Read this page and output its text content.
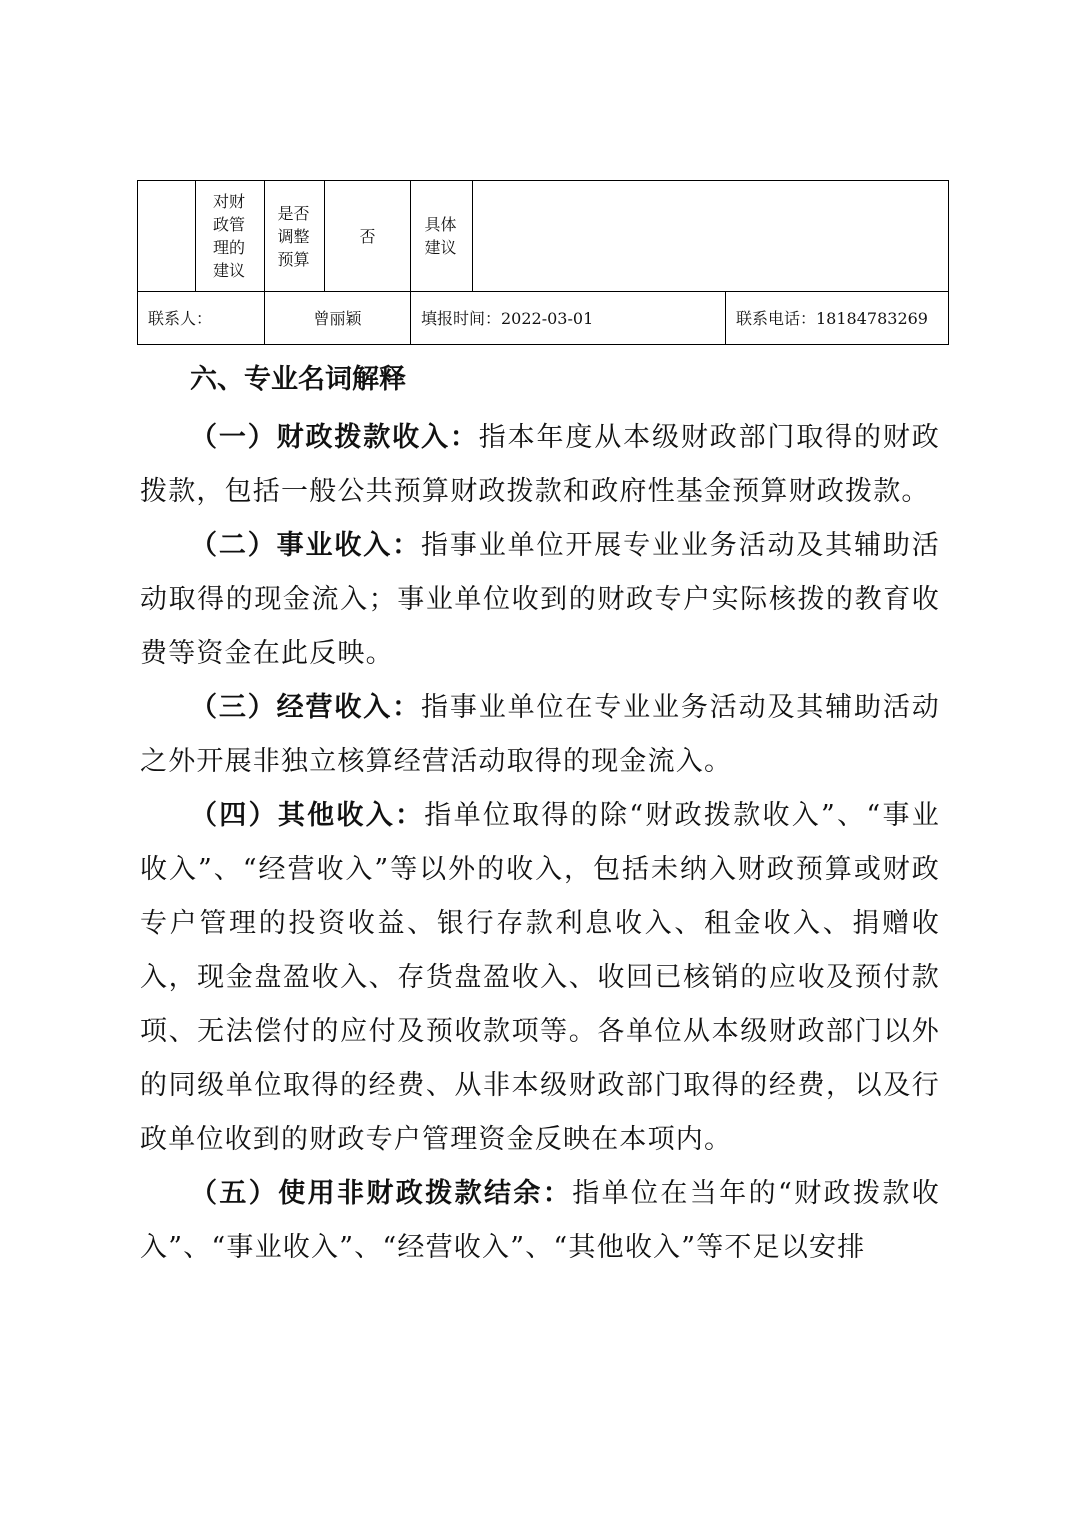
	对财政管理的建议	是否调整预算	否	具体建议		
联系人：		曾丽颖		填报时间：2022-03-01		联系电话：18184783269
六、专业名词解释

（一）财政拨款收入：指本年度从本级财政部门取得的财政拨款，包括一般公共预算财政拨款和政府性基金预算财政拨款。

（二）事业收入：指事业单位开展专业业务活动及其辅助活动取得的现金流入；事业单位收到的财政专户实际核拨的教育收费等资金在此反映。

（三）经营收入：指事业单位在专业业务活动及其辅助活动之外开展非独立核算经营活动取得的现金流入。

（四）其他收入：指单位取得的除“财政拨款收入”、“事业收入”、“经营收入”等以外的收入，包括未纳入财政预算或财政专户管理的投资收益、银行存款利息收入、租金收入、捐赠收入，现金盘盈收入、存货盘盈收入、收回已核销的应收及预付款项、无法偿付的应付及预收款项等。各单位从本级财政部门以外的同级单位取得的经费、从非本级财政部门取得的经费，以及行政单位收到的财政专户管理资金反映在本项内。

（五）使用非财政拨款结余：指单位在当年的“财政拨款收入”、“事业收入”、“经营收入”、“其他收入”等不足以安排
